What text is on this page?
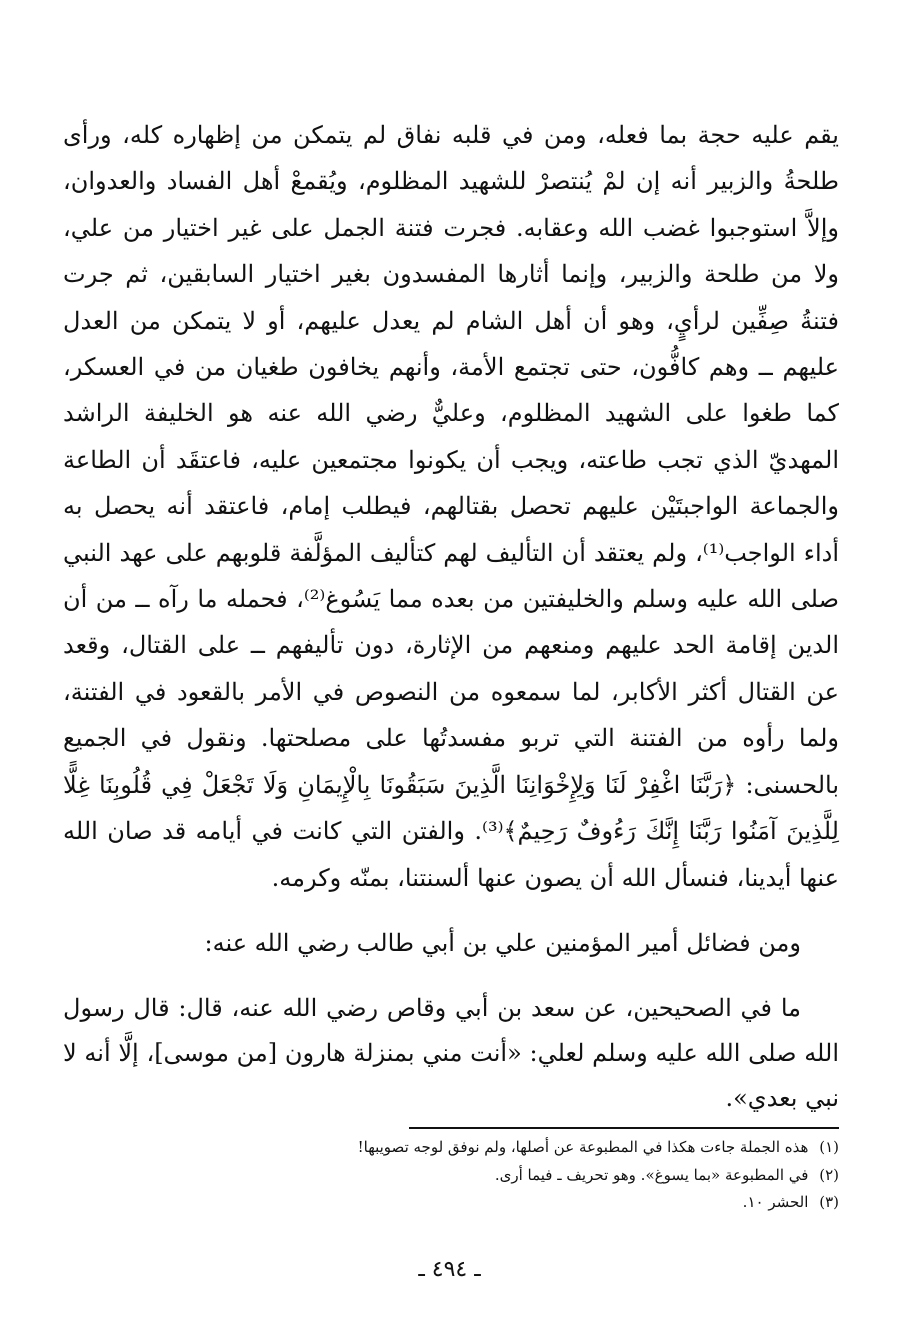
يقم عليه حجة بما فعله، ومن في قلبه نفاق لم يتمكن من إظهاره كله، ورأى طلحةُ والزبير أنه إن لمْ يُنتصرْ للشهيد المظلوم، ويُقمعْ أهل الفساد والعدوان، وإلاَّ استوجبوا غضب الله وعقابه. فجرت فتنة الجمل على غير اختيار من علي، ولا من طلحة والزبير، وإنما أثارها المفسدون بغير اختيار السابقين، ثم جرت فتنةُ صِفِّين لرأيٍ، وهو أن أهل الشام لم يعدل عليهم، أو لا يتمكن من العدل عليهم ــ وهم كافُّون، حتى تجتمع الأمة، وأنهم يخافون طغيان من في العسكر، كما طغوا على الشهيد المظلوم، وعليٌّ رضي الله عنه هو الخليفة الراشد المهديّ الذي تجب طاعته، ويجب أن يكونوا مجتمعين عليه، فاعتقَد أن الطاعة والجماعة الواجبتَيْن عليهم تحصل بقتالهم، فيطلب إمام، فاعتقد أنه يحصل به أداء الواجب⁽¹⁾، ولم يعتقد أن التأليف لهم كتأليف المؤلَّفة قلوبهم على عهد النبي صلى الله عليه وسلم والخليفتين من بعده مما يَسُوغ⁽²⁾، فحمله ما رآه ــ من أن الدين إقامة الحد عليهم ومنعهم من الإثارة، دون تأليفهم ــ على القتال، وقعد عن القتال أكثر الأكابر، لما سمعوه من النصوص في الأمر بالقعود في الفتنة، ولما رأوه من الفتنة التي تربو مفسدتُها على مصلحتها. ونقول في الجميع بالحسنى: ﴿رَبَّنَا اغْفِرْ لَنَا وَلِإِخْوَانِنَا الَّذِينَ سَبَقُونَا بِالْإِيمَانِ وَلَا تَجْعَلْ فِي قُلُوبِنَا غِلًّا لِلَّذِينَ آمَنُوا رَبَّنَا إِنَّكَ رَءُوفٌ رَحِيمٌ﴾⁽³⁾. والفتن التي كانت في أيامه قد صان الله عنها أيدينا، فنسأل الله أن يصون عنها ألسنتنا، بمنّه وكرمه.

ومن فضائل أمير المؤمنين علي بن أبي طالب رضي الله عنه:

ما في الصحيحين، عن سعد بن أبي وقاص رضي الله عنه، قال: قال رسول الله صلى الله عليه وسلم لعلي: «أنت مني بمنزلة هارون [من موسى]، إلَّا أنه لا نبي بعدي».

(١) هذه الجملة جاءت هكذا في المطبوعة عن أصلها، ولم نوفق لوجه تصويبها!
(٢) في المطبوعة «بما يسوغ». وهو تحريف ـ فيما أرى.
(٣) الحشر ١٠.
ـ ٤٩٤ ـ
